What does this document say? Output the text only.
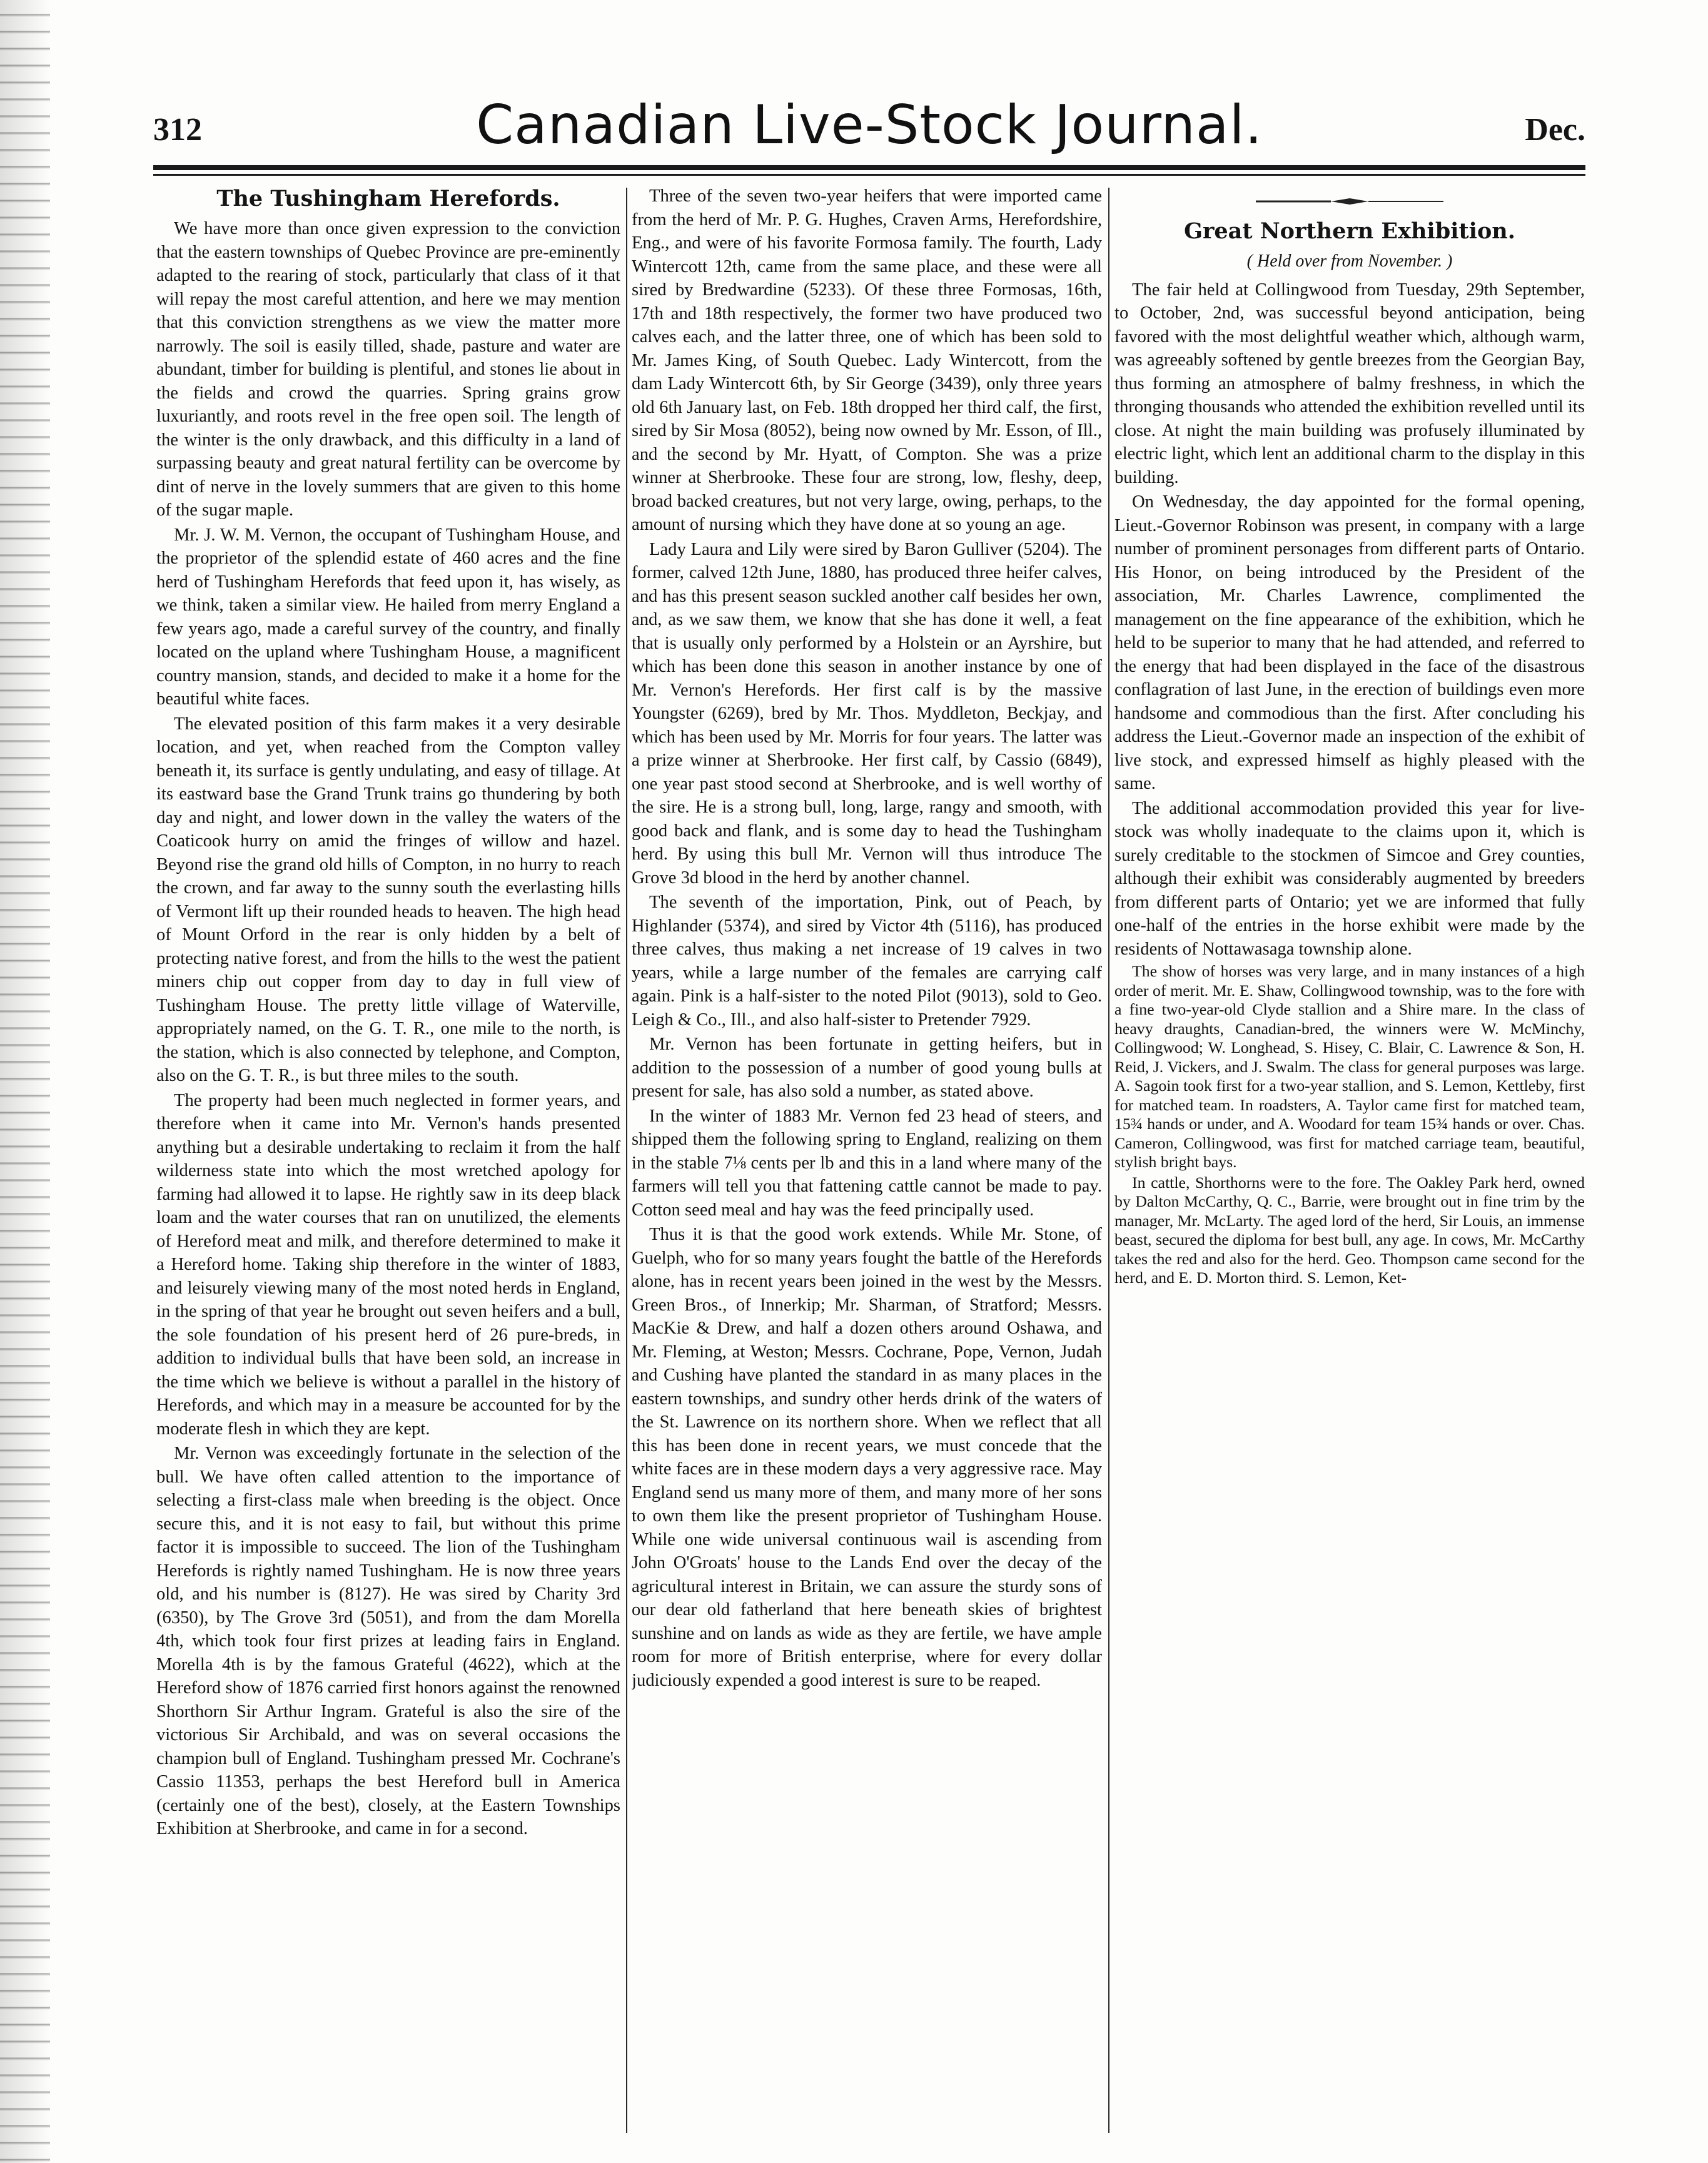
312	Canadian Live-Stock Journal.	Dec.
The Tushingham Herefords.

We have more than once given expression to the conviction that the eastern townships of Quebec Province are pre-eminently adapted to the rearing of stock, particularly that class of it that will repay the most careful attention, and here we may mention that this conviction strengthens as we view the matter more narrowly. The soil is easily tilled, shade, pasture and water are abundant, timber for building is plentiful, and stones lie about in the fields and crowd the quarries. Spring grains grow luxuriantly, and roots revel in the free open soil. The length of the winter is the only drawback, and this difficulty in a land of surpassing beauty and great natural fertility can be overcome by dint of nerve in the lovely summers that are given to this home of the sugar maple.

Mr. J. W. M. Vernon, the occupant of Tushingham House, and the proprietor of the splendid estate of 460 acres and the fine herd of Tushingham Herefords that feed upon it, has wisely, as we think, taken a similar view. He hailed from merry England a few years ago, made a careful survey of the country, and finally located on the upland where Tushingham House, a magnificent country mansion, stands, and decided to make it a home for the beautiful white faces.

The elevated position of this farm makes it a very desirable location, and yet, when reached from the Compton valley beneath it, its surface is gently undulating, and easy of tillage. At its eastward base the Grand Trunk trains go thundering by both day and night, and lower down in the valley the waters of the Coaticook hurry on amid the fringes of willow and hazel. Beyond rise the grand old hills of Compton, in no hurry to reach the crown, and far away to the sunny south the everlasting hills of Vermont lift up their rounded heads to heaven. The high head of Mount Orford in the rear is only hidden by a belt of protecting native forest, and from the hills to the west the patient miners chip out copper from day to day in full view of Tushingham House. The pretty little village of Waterville, appropriately named, on the G. T. R., one mile to the north, is the station, which is also connected by telephone, and Compton, also on the G. T. R., is but three miles to the south.

The property had been much neglected in former years, and therefore when it came into Mr. Vernon's hands presented anything but a desirable undertaking to reclaim it from the half wilderness state into which the most wretched apology for farming had allowed it to lapse. He rightly saw in its deep black loam and the water courses that ran on unutilized, the elements of Hereford meat and milk, and therefore determined to make it a Hereford home. Taking ship therefore in the winter of 1883, and leisurely viewing many of the most noted herds in England, in the spring of that year he brought out seven heifers and a bull, the sole foundation of his present herd of 26 pure-breds, in addition to individual bulls that have been sold, an increase in the time which we believe is without a parallel in the history of Herefords, and which may in a measure be accounted for by the moderate flesh in which they are kept.

Mr. Vernon was exceedingly fortunate in the selection of the bull. We have often called attention to the importance of selecting a first-class male when breeding is the object. Once secure this, and it is not easy to fail, but without this prime factor it is impossible to succeed. The lion of the Tushingham Herefords is rightly named Tushingham. He is now three years old, and his number is (8127). He was sired by Charity 3rd (6350), by The Grove 3rd (5051), and from the dam Morella 4th, which took four first prizes at leading fairs in England. Morella 4th is by the famous Grateful (4622), which at the Hereford show of 1876 carried first honors against the renowned Shorthorn Sir Arthur Ingram. Grateful is also the sire of the victorious Sir Archibald, and was on several occasions the champion bull of England. Tushingham pressed Mr. Cochrane's Cassio 11353, perhaps the best Hereford bull in America (certainly one of the best), closely, at the Eastern Townships Exhibition at Sherbrooke, and came in for a second.

Three of the seven two-year heifers that were imported came from the herd of Mr. P. G. Hughes, Craven Arms, Herefordshire, Eng., and were of his favorite Formosa family. The fourth, Lady Wintercott 12th, came from the same place, and these were all sired by Bredwardine (5233). Of these three Formosas, 16th, 17th and 18th respectively, the former two have produced two calves each, and the latter three, one of which has been sold to Mr. James King, of South Quebec. Lady Wintercott, from the dam Lady Wintercott 6th, by Sir George (3439), only three years old 6th January last, on Feb. 18th dropped her third calf, the first, sired by Sir Mosa (8052), being now owned by Mr. Esson, of Ill., and the second by Mr. Hyatt, of Compton. She was a prize winner at Sherbrooke. These four are strong, low, fleshy, deep, broad backed creatures, but not very large, owing, perhaps, to the amount of nursing which they have done at so young an age.

Lady Laura and Lily were sired by Baron Gulliver (5204). The former, calved 12th June, 1880, has produced three heifer calves, and has this present season suckled another calf besides her own, and, as we saw them, we know that she has done it well, a feat that is usually only performed by a Holstein or an Ayrshire, but which has been done this season in another instance by one of Mr. Vernon's Herefords. Her first calf is by the massive Youngster (6269), bred by Mr. Thos. Myddleton, Beckjay, and which has been used by Mr. Morris for four years. The latter was a prize winner at Sherbrooke. Her first calf, by Cassio (6849), one year past stood second at Sherbrooke, and is well worthy of the sire. He is a strong bull, long, large, rangy and smooth, with good back and flank, and is some day to head the Tushingham herd. By using this bull Mr. Vernon will thus introduce The Grove 3d blood in the herd by another channel.

The seventh of the importation, Pink, out of Peach, by Highlander (5374), and sired by Victor 4th (5116), has produced three calves, thus making a net increase of 19 calves in two years, while a large number of the females are carrying calf again. Pink is a half-sister to the noted Pilot (9013), sold to Geo. Leigh & Co., Ill., and also half-sister to Pretender 7929.

Mr. Vernon has been fortunate in getting heifers, but in addition to the possession of a number of good young bulls at present for sale, has also sold a number, as stated above.

In the winter of 1883 Mr. Vernon fed 23 head of steers, and shipped them the following spring to England, realizing on them in the stable 7⅛ cents per lb and this in a land where many of the farmers will tell you that fattening cattle cannot be made to pay. Cotton seed meal and hay was the feed principally used.

Thus it is that the good work extends. While Mr. Stone, of Guelph, who for so many years fought the battle of the Herefords alone, has in recent years been joined in the west by the Messrs. Green Bros., of Innerkip; Mr. Sharman, of Stratford; Messrs. MacKie & Drew, and half a dozen others around Oshawa, and Mr. Fleming, at Weston; Messrs. Cochrane, Pope, Vernon, Judah and Cushing have planted the standard in as many places in the eastern townships, and sundry other herds drink of the waters of the St. Lawrence on its northern shore. When we reflect that all this has been done in recent years, we must concede that the white faces are in these modern days a very aggressive race. May England send us many more of them, and many more of her sons to own them like the present proprietor of Tushingham House. While one wide universal continuous wail is ascending from John O'Groats' house to the Lands End over the decay of the agricultural interest in Britain, we can assure the sturdy sons of our dear old fatherland that here beneath skies of brightest sunshine and on lands as wide as they are fertile, we have ample room for more of British enterprise, where for every dollar judiciously expended a good interest is sure to be reaped.

Great Northern Exhibition.
( Held over from November. )

The fair held at Collingwood from Tuesday, 29th September, to October, 2nd, was successful beyond anticipation, being favored with the most delightful weather which, although warm, was agreeably softened by gentle breezes from the Georgian Bay, thus forming an atmosphere of balmy freshness, in which the thronging thousands who attended the exhibition revelled until its close. At night the main building was profusely illuminated by electric light, which lent an additional charm to the display in this building.

On Wednesday, the day appointed for the formal opening, Lieut.-Governor Robinson was present, in company with a large number of prominent personages from different parts of Ontario. His Honor, on being introduced by the President of the association, Mr. Charles Lawrence, complimented the management on the fine appearance of the exhibition, which he held to be superior to many that he had attended, and referred to the energy that had been displayed in the face of the disastrous conflagration of last June, in the erection of buildings even more handsome and commodious than the first. After concluding his address the Lieut.-Governor made an inspection of the exhibit of live stock, and expressed himself as highly pleased with the same.

The additional accommodation provided this year for live-stock was wholly inadequate to the claims upon it, which is surely creditable to the stockmen of Simcoe and Grey counties, although their exhibit was considerably augmented by breeders from different parts of Ontario; yet we are informed that fully one-half of the entries in the horse exhibit were made by the residents of Nottawasaga township alone.

The show of horses was very large, and in many instances of a high order of merit. Mr. E. Shaw, Collingwood township, was to the fore with a fine two-year-old Clyde stallion and a Shire mare. In the class of heavy draughts, Canadian-bred, the winners were W. McMinchy, Collingwood; W. Longhead, S. Hisey, C. Blair, C. Lawrence & Son, H. Reid, J. Vickers, and J. Swalm. The class for general purposes was large. A. Sagoin took first for a two-year stallion, and S. Lemon, Kettleby, first for matched team. In roadsters, A. Taylor came first for matched team, 15¾ hands or under, and A. Woodard for team 15¾ hands or over. Chas. Cameron, Collingwood, was first for matched carriage team, beautiful, stylish bright bays.

In cattle, Shorthorns were to the fore. The Oakley Park herd, owned by Dalton McCarthy, Q. C., Barrie, were brought out in fine trim by the manager, Mr. McLarty. The aged lord of the herd, Sir Louis, an immense beast, secured the diploma for best bull, any age. In cows, Mr. McCarthy takes the red and also for the herd. Geo. Thompson came second for the herd, and E. D. Morton third. S. Lemon, Ket-
